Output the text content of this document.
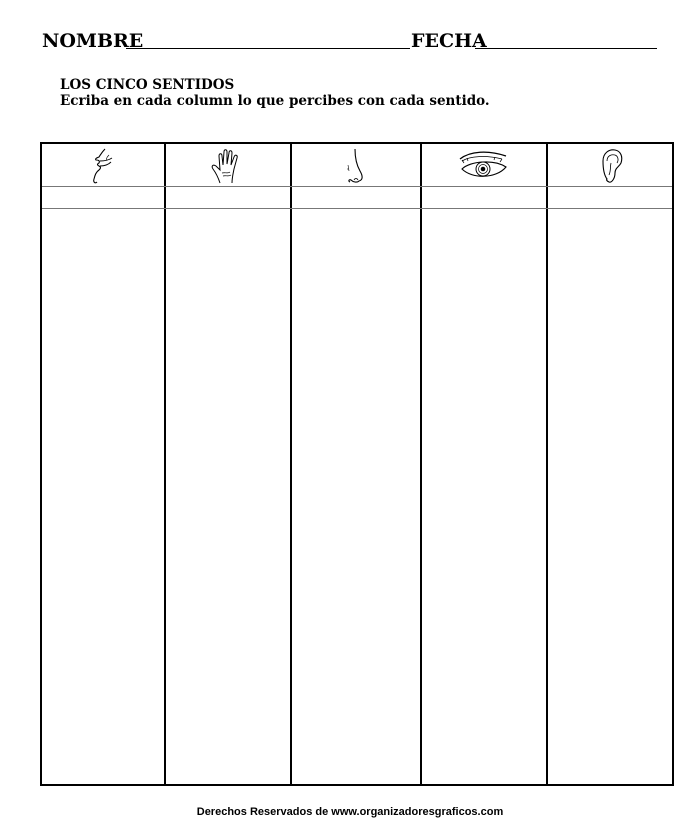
NOMBRE	FECHA
LOS CINCO SENTIDOS
Ecriba en cada column lo que percibes con cada sentido.
Derechos Reservados de www.organizadoresgraficos.com
